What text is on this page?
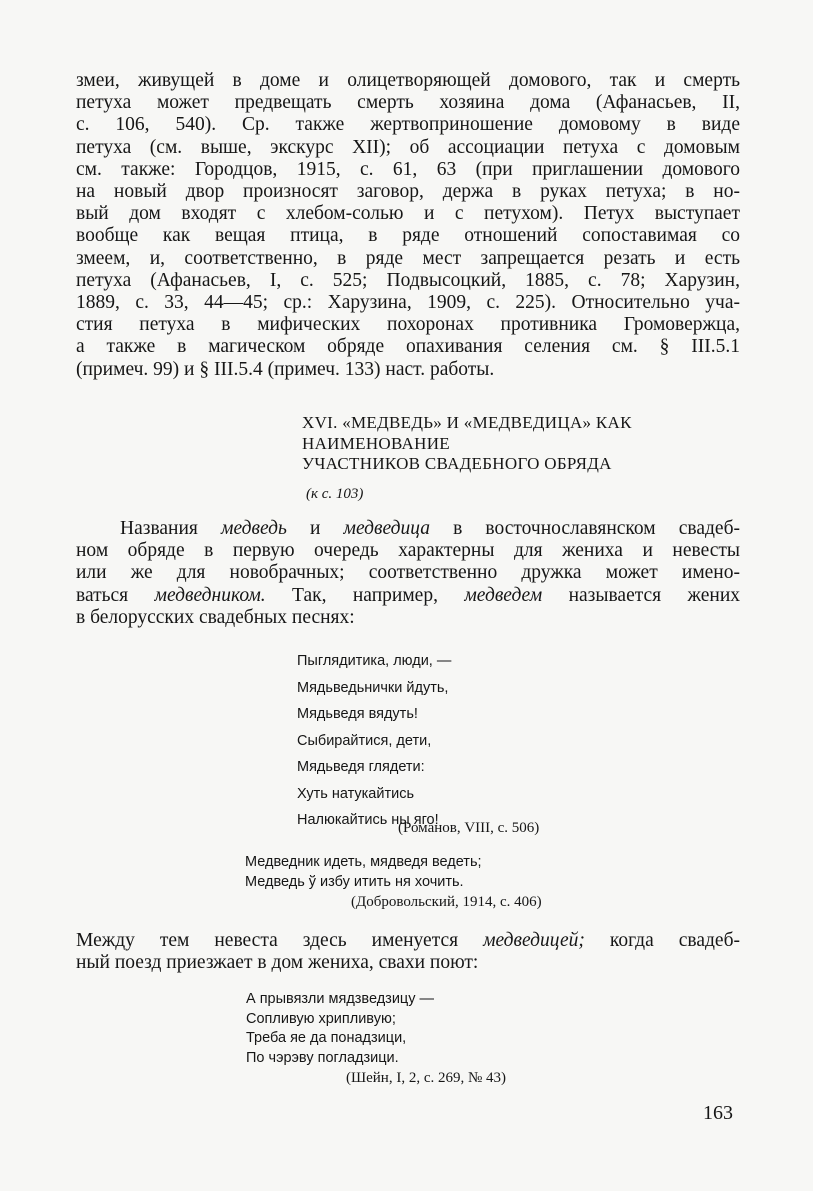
змеи, живущей в доме и олицетворяющей домового, так и смерть
петуха может предвещать смерть хозяина дома (Афанасьев, II,
с. 106, 540). Ср. также жертвоприношение домовому в виде
петуха (см. выше, экскурс XII); об ассоциации петуха с домовым
см. также: Городцов, 1915, с. 61, 63 (при приглашении домового
на новый двор произносят заговор, держа в руках петуха; в но-
вый дом входят с хлебом-солью и с петухом). Петух выступает
вообще как вещая птица, в ряде отношений сопоставимая со
змеем, и, соответственно, в ряде мест запрещается резать и есть
петуха (Афанасьев, I, с. 525; Подвысоцкий, 1885, с. 78; Харузин,
1889, с. 33, 44—45; ср.: Харузина, 1909, с. 225). Относительно уча-
стия петуха в мифических похоронах противника Громовержца,
а также в магическом обряде опахивания селения см. § III.5.1
(примеч. 99) и § III.5.4 (примеч. 133) наст. работы.
XVI. «МЕДВЕДЬ» И «МЕДВЕДИЦА» КАК
НАИМЕНОВАНИЕ
УЧАСТНИКОВ СВАДЕБНОГО ОБРЯДА
(к с. 103)
Названия медведь и медведица в восточнославянском свадеб-
ном обряде в первую очередь характерны для жениха и невесты
или же для новобрачных; соответственно дружка может имено-
ваться медведником. Так, например, медведем называется жених
в белорусских свадебных песнях:
Пыглядитика, люди, —
Мядьведьнички йдуть,
Мядьведя вядуть!
Сыбирайтися, дети,
Мядьведя глядети:
Хуть натукайтись
Налюкайтись ны яго!
(Романов, VIII, с. 506)
Медведник идеть, мядведя ведеть;
Медведь ў избу итить ня хочить.
(Добровольский, 1914, с. 406)
Между тем невеста здесь именуется медведицей; когда свадеб-
ный поезд приезжает в дом жениха, свахи поют:
А прывязли мядзведзицу —
Сопливую хрипливую;
Треба яе да понадзици,
По чэрэву погладзици.
(Шейн, I, 2, с. 269, № 43)
163
